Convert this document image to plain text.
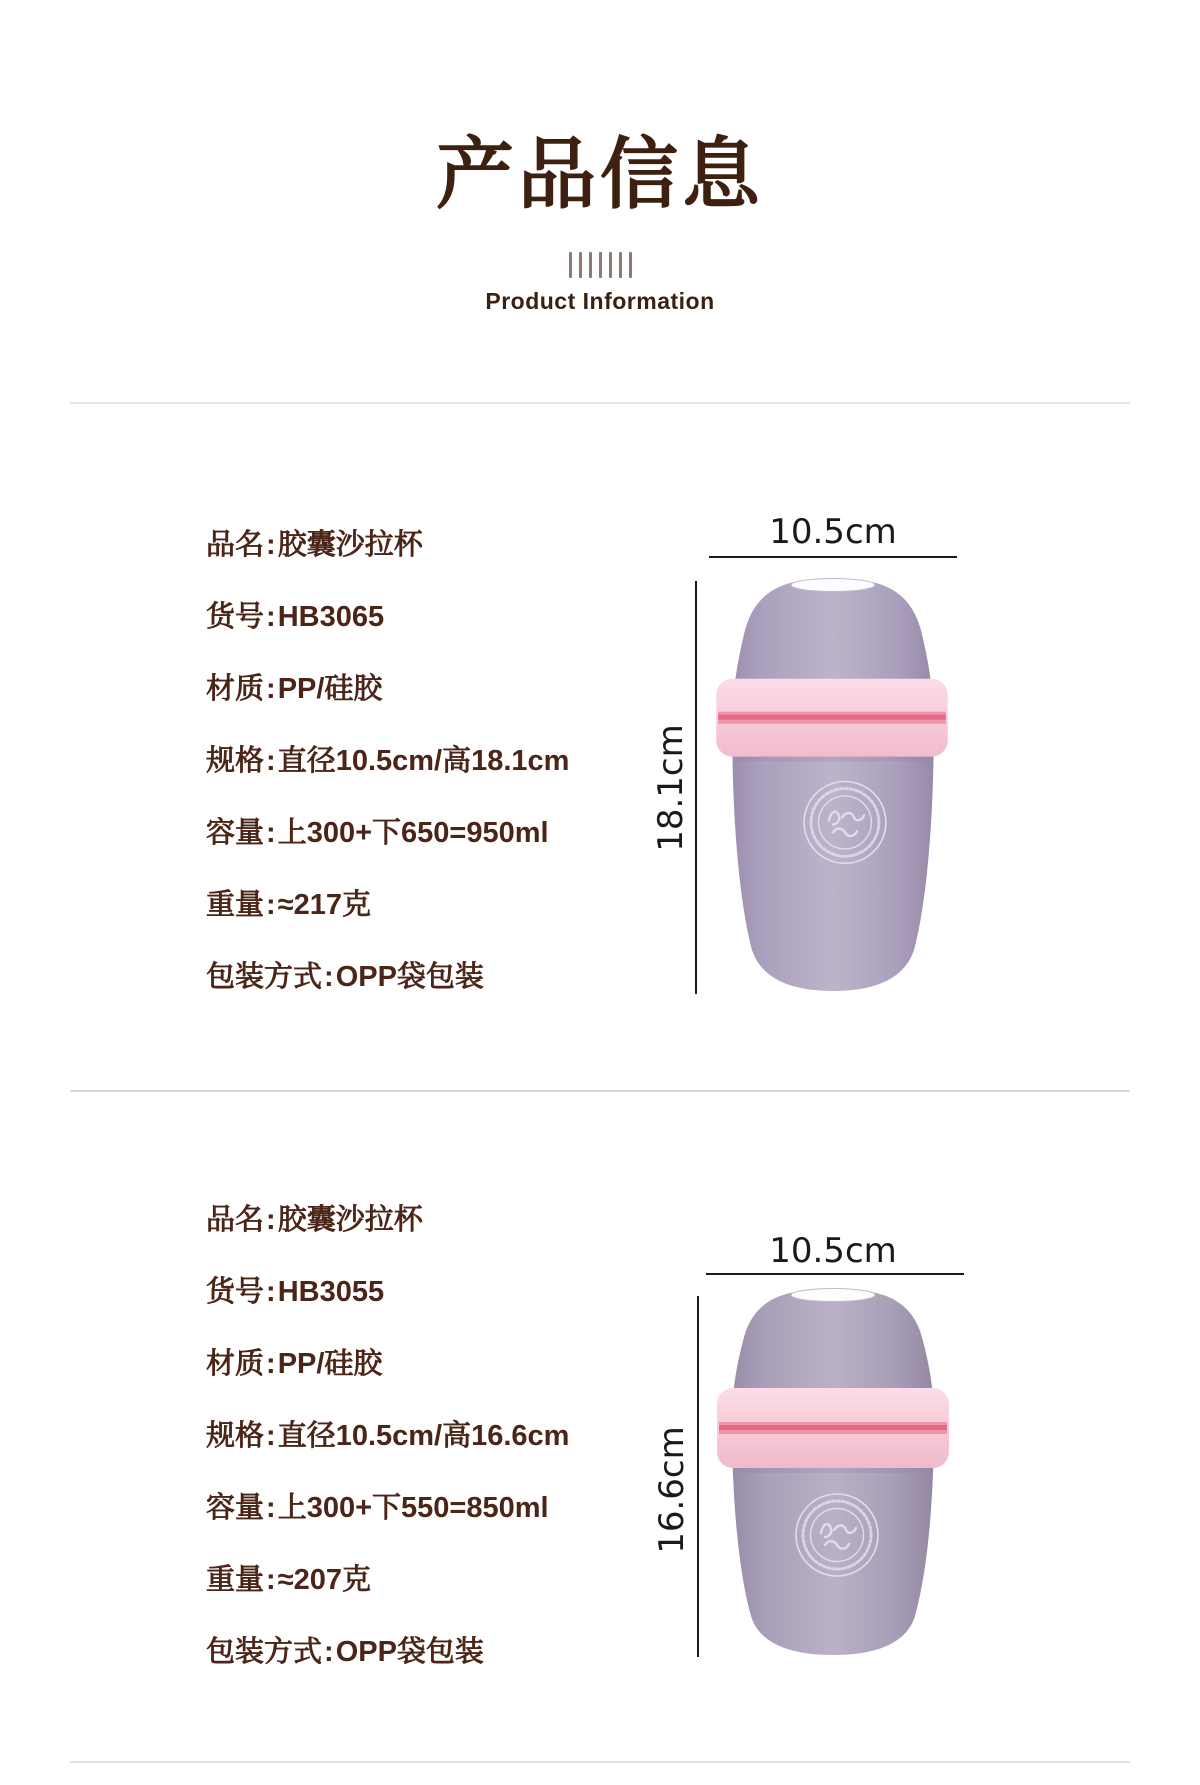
产品信息
Product Information
品名:胶囊沙拉杯
货号:HB3065
材质:PP/硅胶
规格:直径10.5cm/高18.1cm
容量:上300+下650=950ml
重量:≈217克
包装方式:OPP袋包装
10.5cm
18.1cm
品名:胶囊沙拉杯
货号:HB3055
材质:PP/硅胶
规格:直径10.5cm/高16.6cm
容量:上300+下550=850ml
重量:≈207克
包装方式:OPP袋包装
10.5cm
16.6cm
